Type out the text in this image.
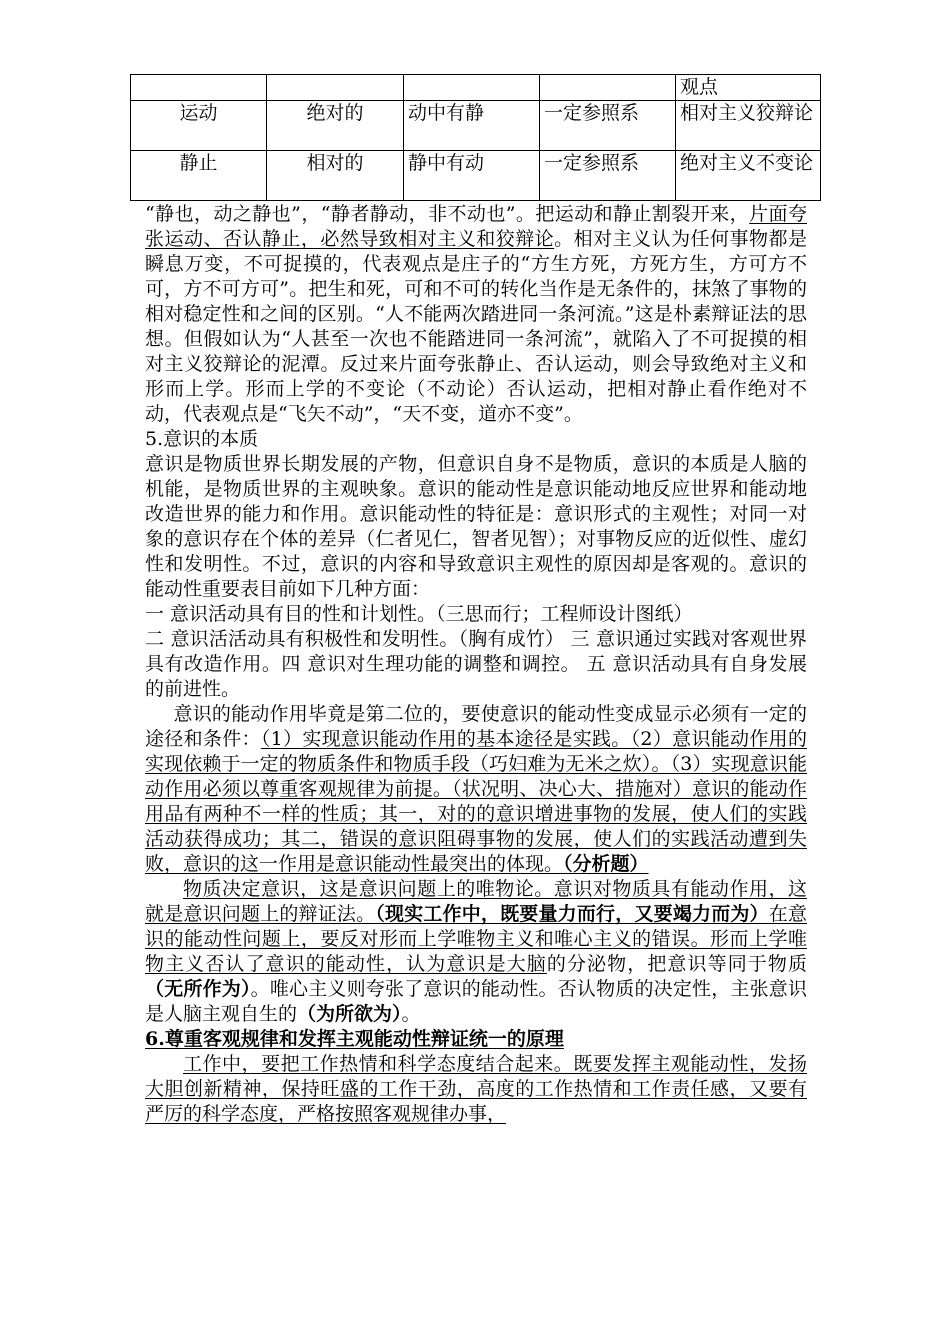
				观点
运动	绝对的	动中有静	一定参照系	相对主义狡辩论
静止	相对的	静中有动	一定参照系	绝对主义不变论

“静也，动之静也”，“静者静动，非不动也”。把运动和静止割裂开来，片面夸张运动、否认静止，必然导致相对主义和狡辩论。相对主义认为任何事物都是瞬息万变，不可捉摸的，代表观点是庄子的“方生方死，方死方生，方可方不可，方不可方可”。把生和死，可和不可的转化当作是无条件的，抹煞了事物的相对稳定性和之间的区别。“人不能两次踏进同一条河流。”这是朴素辩证法的思想。但假如认为“人甚至一次也不能踏进同一条河流”，就陷入了不可捉摸的相对主义狡辩论的泥潭。反过来片面夸张静止、否认运动，则会导致绝对主义和形而上学。形而上学的不变论（不动论）否认运动，把相对静止看作绝对不动，代表观点是“飞矢不动”，“天不变，道亦不变”。

5.意识的本质

意识是物质世界长期发展的产物，但意识自身不是物质，意识的本质是人脑的机能，是物质世界的主观映象。意识的能动性是意识能动地反应世界和能动地改造世界的能力和作用。意识能动性的特征是：意识形式的主观性；对同一对象的意识存在个体的差异（仁者见仁，智者见智）；对事物反应的近似性、虚幻性和发明性。不过，意识的内容和导致意识主观性的原因却是客观的。意识的能动性重要表目前如下几种方面：

一 意识活动具有目的性和计划性。（三思而行；工程师设计图纸）

二 意识活活动具有积极性和发明性。（胸有成竹） 三 意识通过实践对客观世界具有改造作用。四 意识对生理功能的调整和调控。 五 意识活动具有自身发展的前进性。

意识的能动作用毕竟是第二位的，要使意识的能动性变成显示必须有一定的途径和条件：（1）实现意识能动作用的基本途径是实践。（2）意识能动作用的实现依赖于一定的物质条件和物质手段（巧妇难为无米之炊）。（3）实现意识能动作用必须以尊重客观规律为前提。（状况明、决心大、措施对）意识的能动作用品有两种不一样的性质；其一，对的的意识增进事物的发展，使人们的实践活动获得成功；其二，错误的意识阻碍事物的发展，使人们的实践活动遭到失败，意识的这一作用是意识能动性最突出的体现。（分析题）

物质决定意识，这是意识问题上的唯物论。意识对物质具有能动作用，这就是意识问题上的辩证法。（现实工作中，既要量力而行，又要竭力而为）在意识的能动性问题上，要反对形而上学唯物主义和唯心主义的错误。形而上学唯物主义否认了意识的能动性，认为意识是大脑的分泌物，把意识等同于物质（无所作为）。唯心主义则夸张了意识的能动性。否认物质的决定性，主张意识是人脑主观自生的（为所欲为）。

6.尊重客观规律和发挥主观能动性辩证统一的原理

工作中，要把工作热情和科学态度结合起来。既要发挥主观能动性，发扬大胆创新精神，保持旺盛的工作干劲，高度的工作热情和工作责任感，又要有严厉的科学态度，严格按照客观规律办事，
